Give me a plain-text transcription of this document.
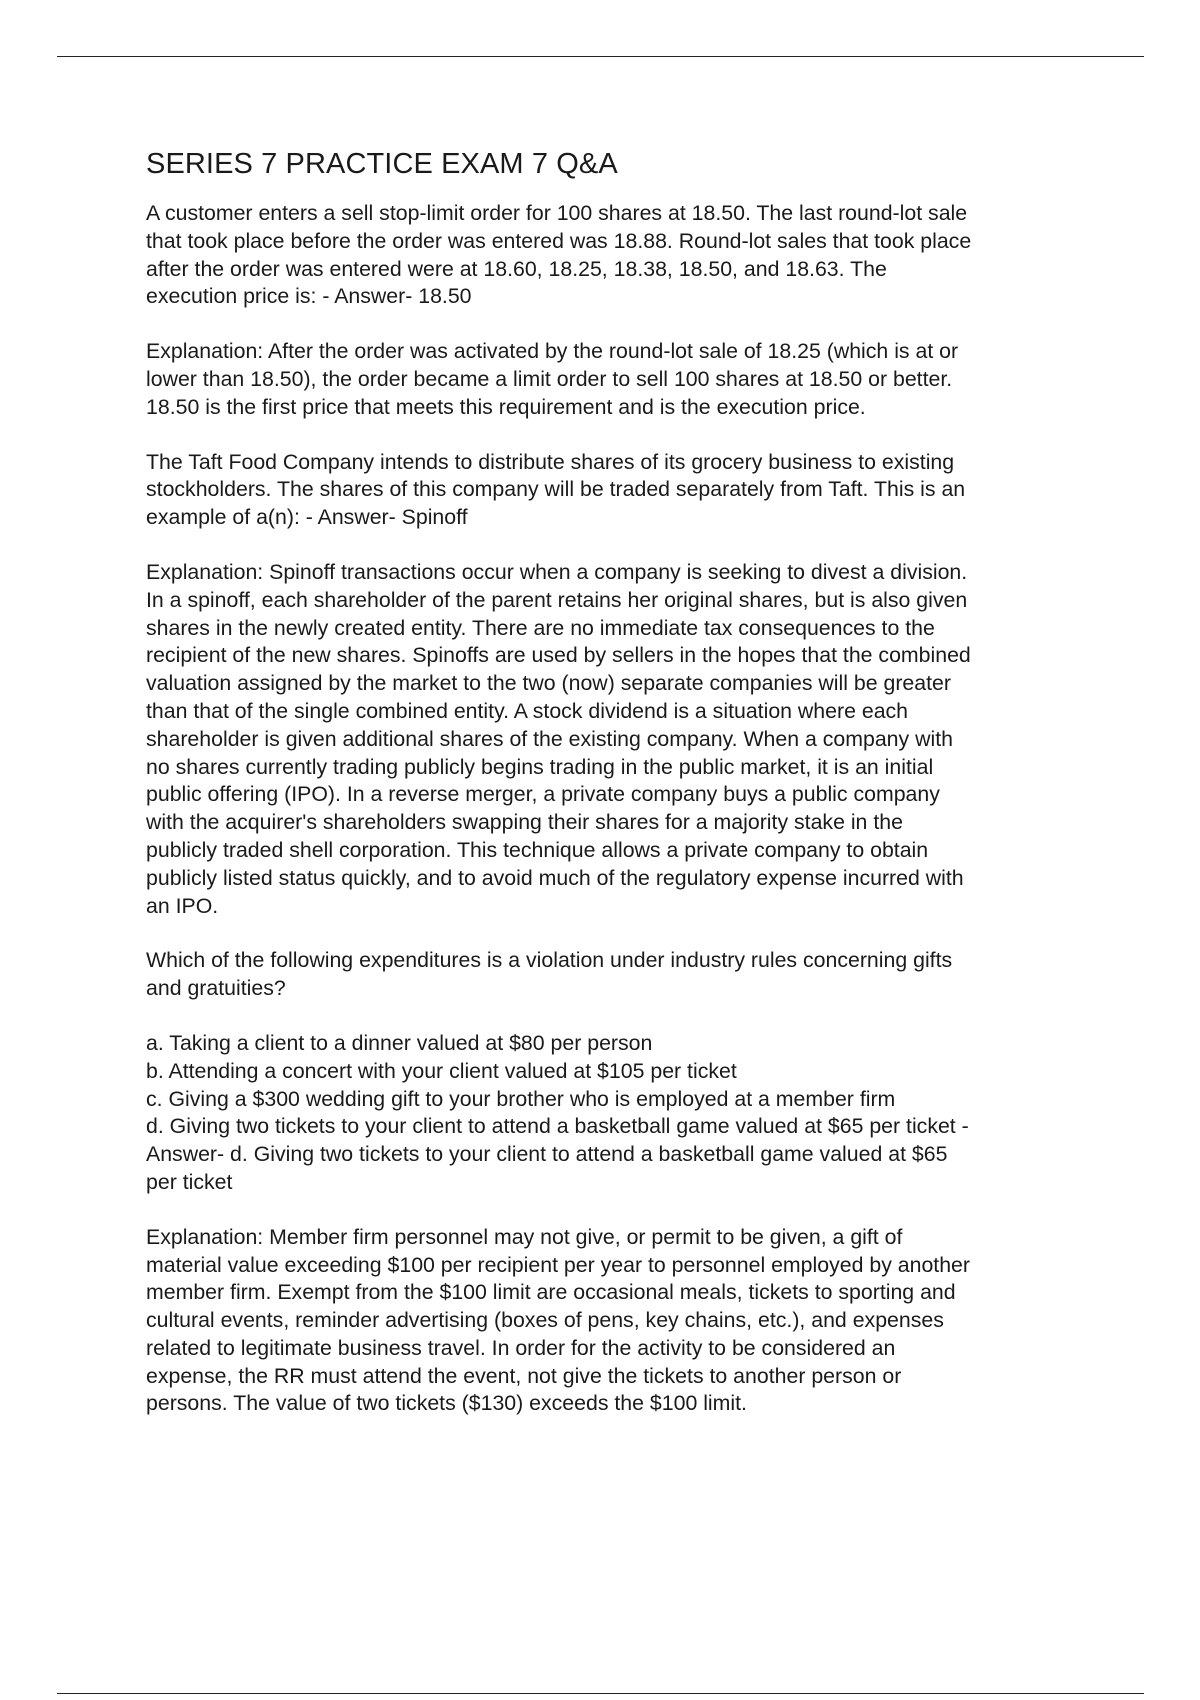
SERIES 7 PRACTICE EXAM 7 Q&A
A customer enters a sell stop-limit order for 100 shares at 18.50. The last round-lot sale
that took place before the order was entered was 18.88. Round-lot sales that took place
after the order was entered were at 18.60, 18.25, 18.38, 18.50, and 18.63. The
execution price is: - Answer- 18.50
Explanation: After the order was activated by the round-lot sale of 18.25 (which is at or
lower than 18.50), the order became a limit order to sell 100 shares at 18.50 or better.
18.50 is the first price that meets this requirement and is the execution price.
The Taft Food Company intends to distribute shares of its grocery business to existing
stockholders. The shares of this company will be traded separately from Taft. This is an
example of a(n): - Answer- Spinoff
Explanation: Spinoff transactions occur when a company is seeking to divest a division.
In a spinoff, each shareholder of the parent retains her original shares, but is also given
shares in the newly created entity. There are no immediate tax consequences to the
recipient of the new shares. Spinoffs are used by sellers in the hopes that the combined
valuation assigned by the market to the two (now) separate companies will be greater
than that of the single combined entity. A stock dividend is a situation where each
shareholder is given additional shares of the existing company. When a company with
no shares currently trading publicly begins trading in the public market, it is an initial
public offering (IPO). In a reverse merger, a private company buys a public company
with the acquirer's shareholders swapping their shares for a majority stake in the
publicly traded shell corporation. This technique allows a private company to obtain
publicly listed status quickly, and to avoid much of the regulatory expense incurred with
an IPO.
Which of the following expenditures is a violation under industry rules concerning gifts
and gratuities?
a. Taking a client to a dinner valued at $80 per person
b. Attending a concert with your client valued at $105 per ticket
c. Giving a $300 wedding gift to your brother who is employed at a member firm
d. Giving two tickets to your client to attend a basketball game valued at $65 per ticket -
Answer- d. Giving two tickets to your client to attend a basketball game valued at $65
per ticket
Explanation: Member firm personnel may not give, or permit to be given, a gift of
material value exceeding $100 per recipient per year to personnel employed by another
member firm. Exempt from the $100 limit are occasional meals, tickets to sporting and
cultural events, reminder advertising (boxes of pens, key chains, etc.), and expenses
related to legitimate business travel. In order for the activity to be considered an
expense, the RR must attend the event, not give the tickets to another person or
persons. The value of two tickets ($130) exceeds the $100 limit.
